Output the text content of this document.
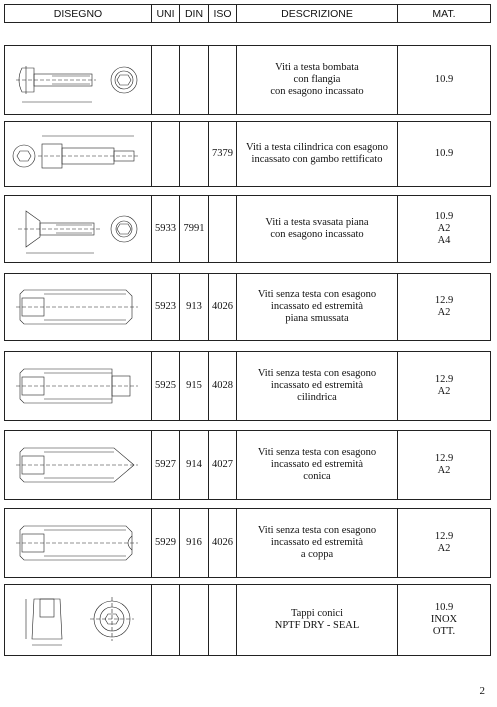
DISEGNO	UNI	DIN	ISO	DESCRIZIONE	MAT.
				Viti a testa bombata
con flangia
con esagono incassato	10.9
			7379	Viti a testa cilindrica con esagono
incassato con gambo rettificato	10.9
	5933	7991		Viti a testa svasata piana
con esagono incassato	10.9
A2
A4
	5923	913	4026	Viti senza testa con esagono
incassato ed estremità
piana smussata	12.9
A2
	5925	915	4028	Viti senza testa con esagono
incassato ed estremità
cilindrica	12.9
A2
	5927	914	4027	Viti senza testa con esagono
incassato ed estremità
conica	12.9
A2
	5929	916	4026	Viti senza testa con esagono
incassato ed estremità
a coppa	12.9
A2
				Tappi conici
NPTF DRY - SEAL	10.9
INOX
OTT.
2
